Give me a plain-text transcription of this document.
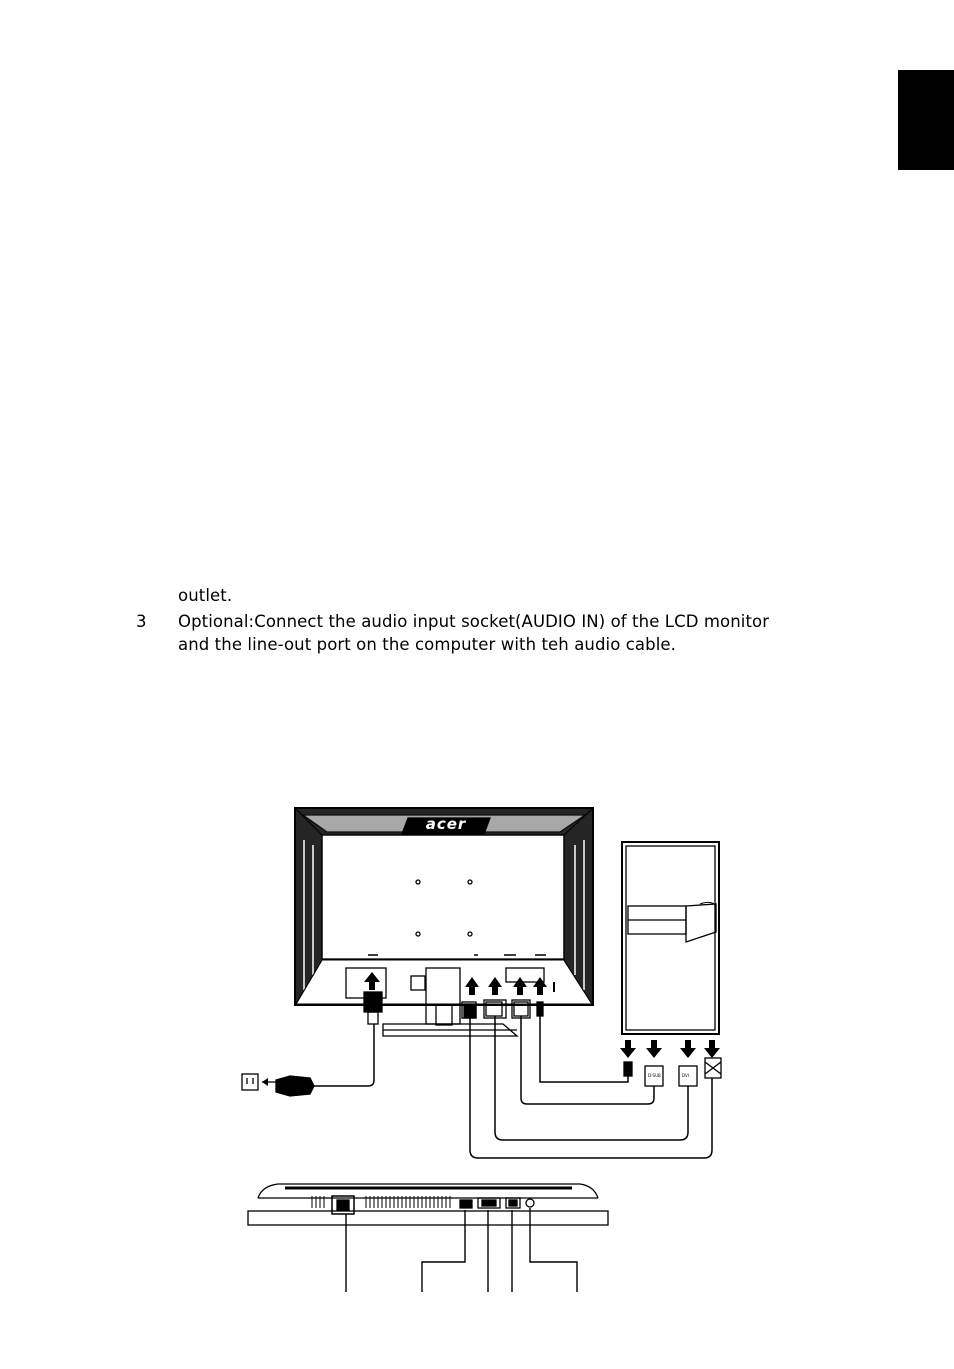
outlet.
3 Optional:Connect the audio input socket(AUDIO IN) of the LCD monitor
and the line-out port on the computer with teh audio cable.
D-SUB	DVI
acer
